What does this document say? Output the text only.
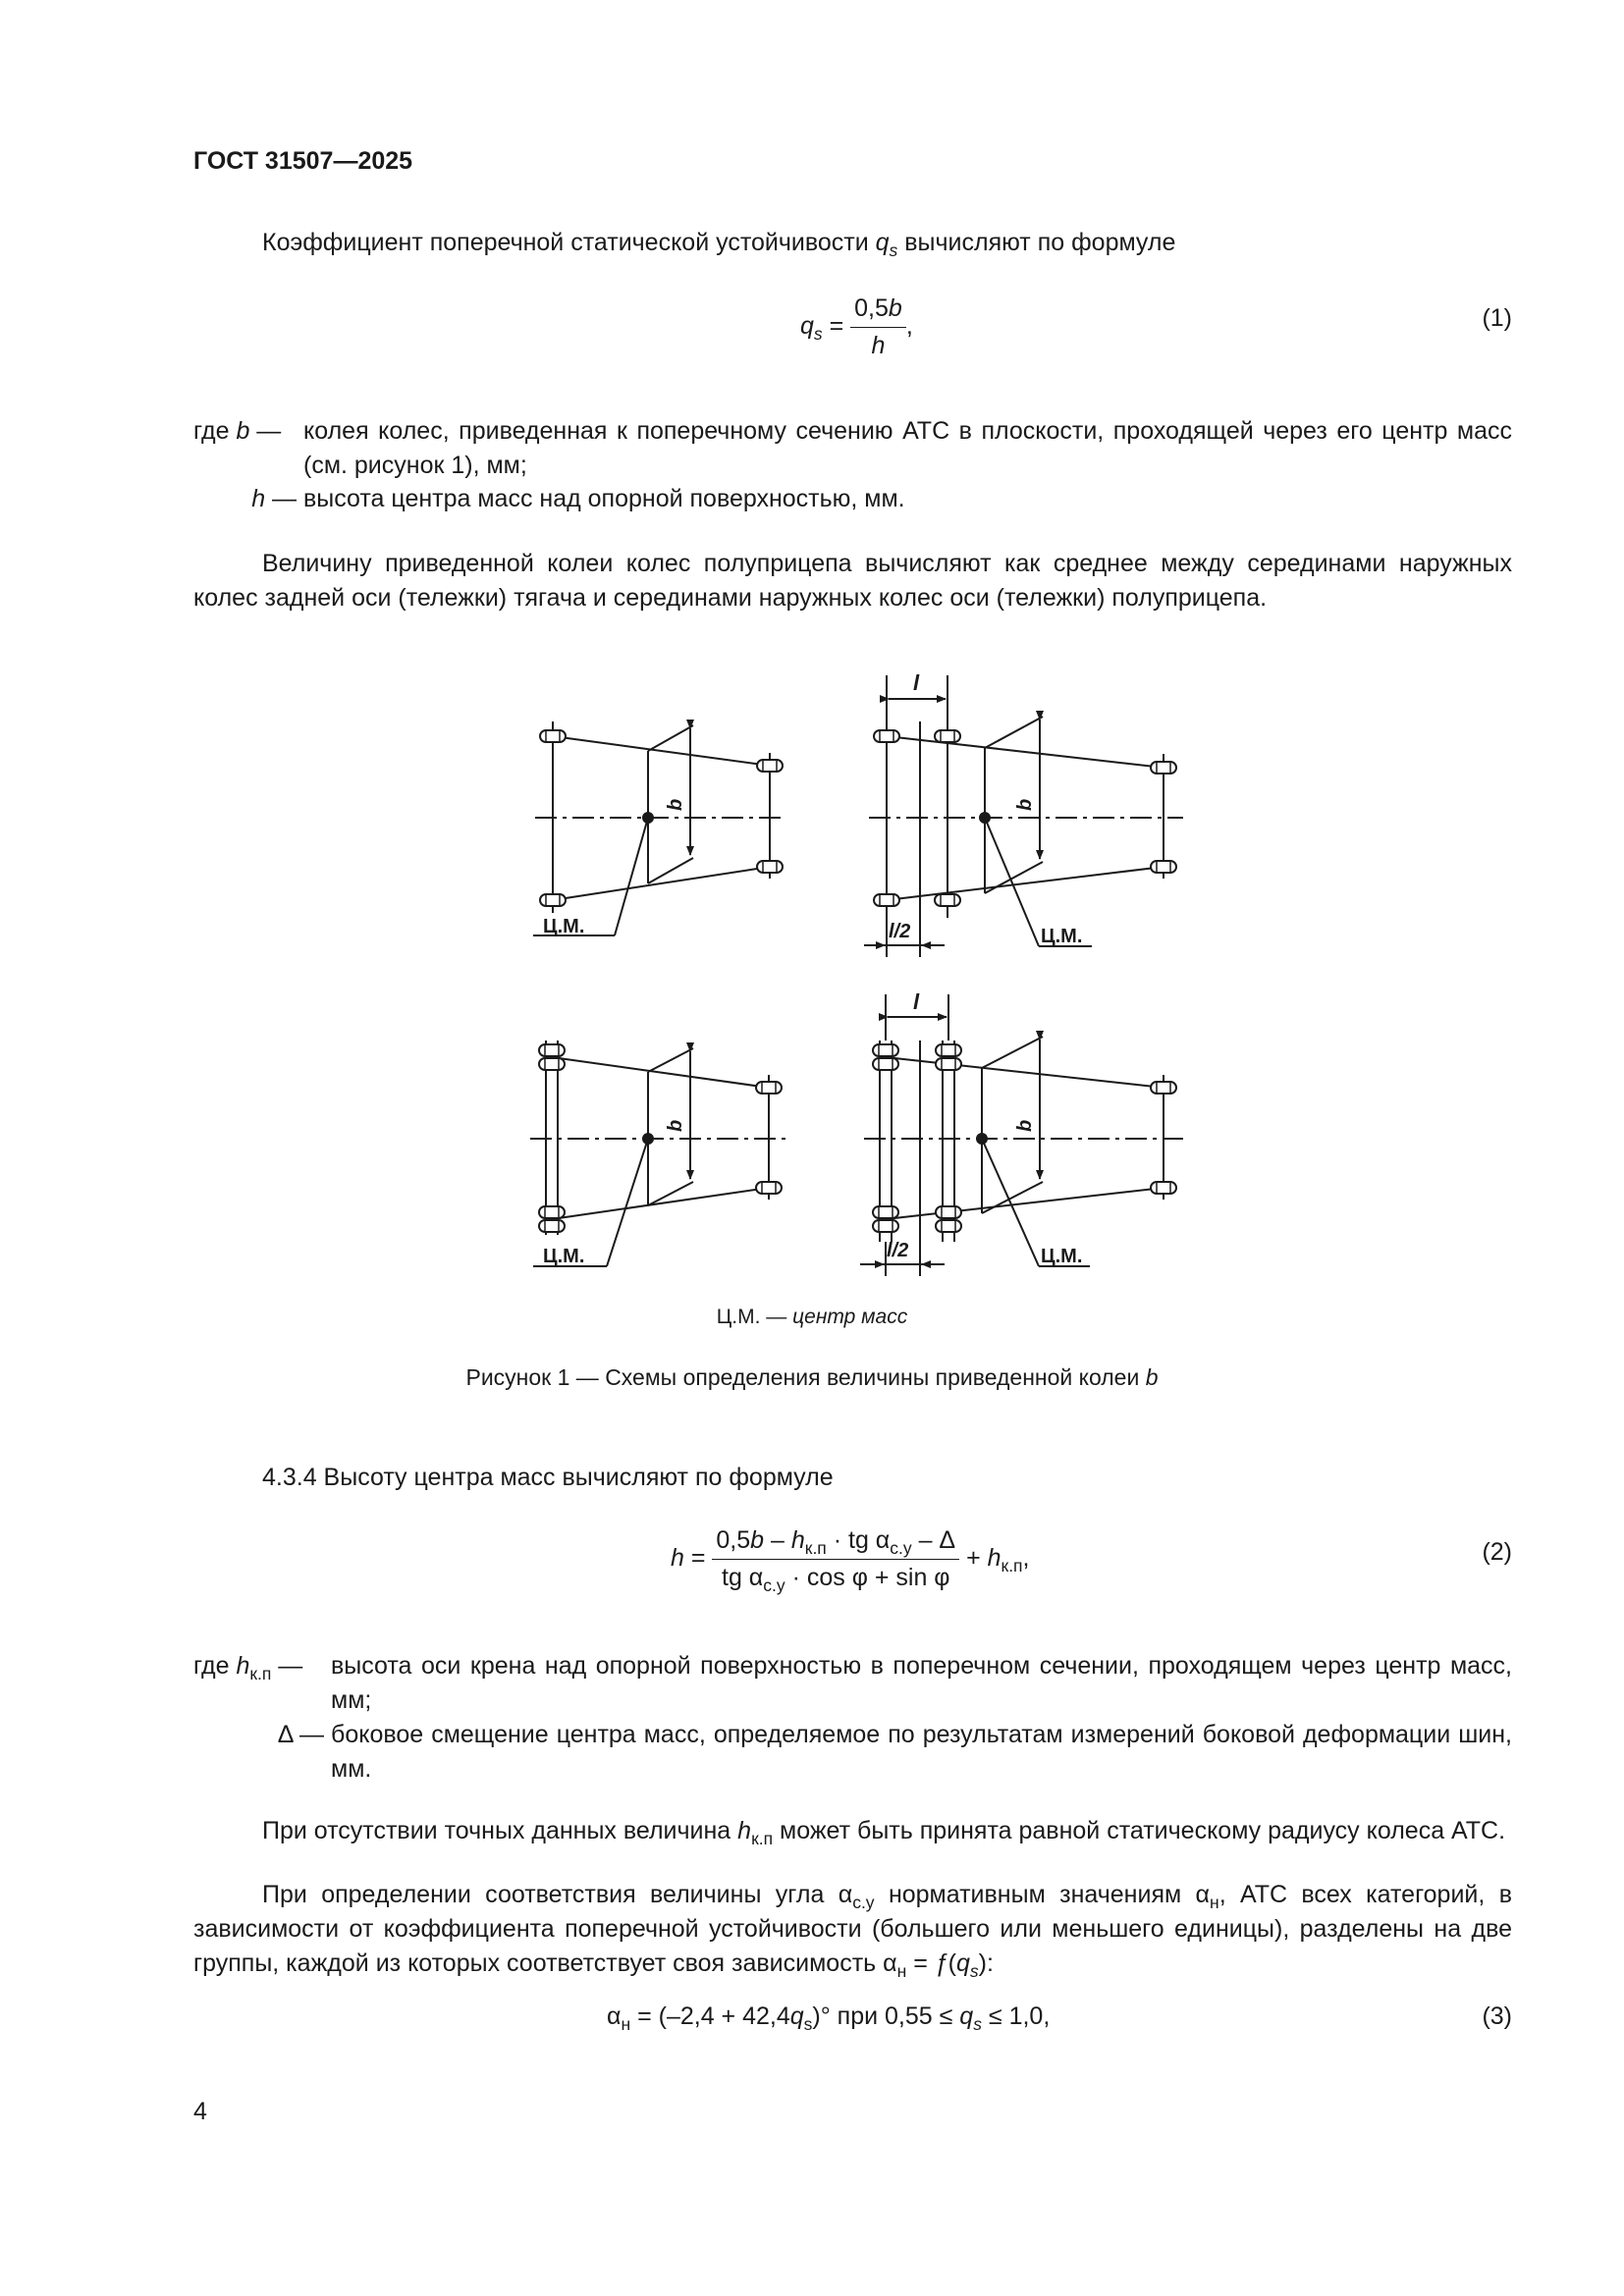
ГОСТ 31507—2025
Коэффициент поперечной статической устойчивости $q_s$ вычисляют по формуле
$q_s = \frac{0,5b}{h}$ ,	(1)
где b — колея колес, приведенная к поперечному сечению АТС в плоскости, проходящей через его центр масс (см. рисунок 1), мм;
h — высота центра масс над опорной поверхностью, мм.
Величину приведенной колеи колес полуприцепа вычисляют как среднее между серединами наружных колес задней оси (тележки) тягача и серединами наружных колес оси (тележки) полуприцепа.
b	b
b	b
l
l
l/2
l/2
Ц.М.	Ц.М.
Ц.М.	Ц.М.
Ц.М. — центр масс
Рисунок 1 — Схемы определения величины приведенной колеи b
4.3.4 Высоту центра масс вычисляют по формуле
$h = \frac{0,5b - h_{к.п} \cdot tg \alpha_{с.у} - \Delta}{tg \alpha_{с.у} \cdot \cos \varphi + \sin \varphi} + h_{к.п}$,	(2)
где $h_{к.п}$ — высота оси крена над опорной поверхностью в поперечном сечении, проходящем через центр масс, мм;
Δ — боковое смещение центра масс, определяемое по результатам измерений боковой деформации шин, мм.
При отсутствии точных данных величина $h_{к.п}$ может быть принята равной статическому радиусу колеса АТС.
При определении соответствия величины угла $\alpha_{с.у}$ нормативным значениям $\alpha_н$, АТС всех категорий, в зависимости от коэффициента поперечной устойчивости (большего или меньшего единицы), разделены на две группы, каждой из которых соответствует своя зависимость $\alpha_н$ = $ƒ(q_s)$:
$\alpha_н = (-2,4 + 42,4q_s)^\circ$ при $0,55 \le q_s \le 1,0$,	(3)
4
